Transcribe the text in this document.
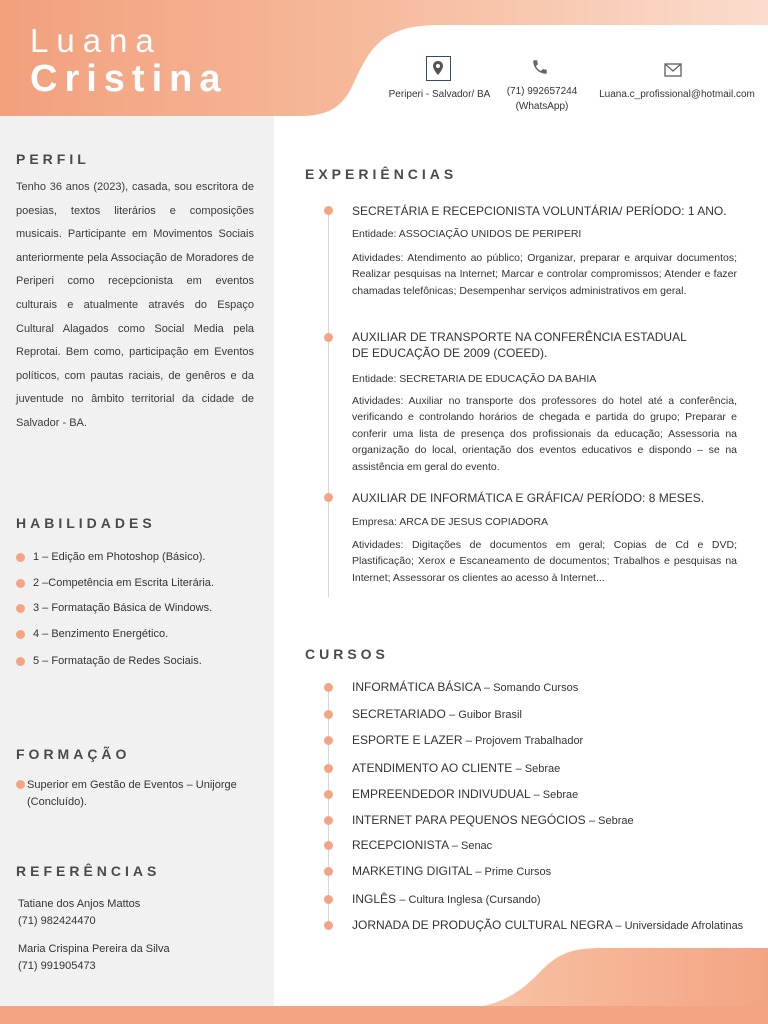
Luana
Cristina	Periperi - Salvador/ BA	(71) 992657244
(WhatsApp)
Luana.c_profissional@hotmail.com
PERFIL
Tenho 36 anos (2023), casada, sou escritora de poesias, textos literários e composições musicais. Participante em Movimentos Sociais anteriormente pela Associação de Moradores de Periperi como recepcionista em eventos culturais e atualmente através do Espaço Cultural Alagados como Social Media pela Reprotai. Bem como, participação em Eventos políticos, com pautas raciais, de genêros e da juventude no âmbito territorial da cidade de Salvador - BA.
HABILIDADES
1 – Edição em Photoshop (Básico).
2 –Competência em Escrita Literária.
3 – Formatação Básica de Windows.
4 – Benzimento Energético.
5 – Formatação de Redes Sociais.
FORMAÇÃO
Superior em Gestão de Eventos – Unijorge
(Concluído).
REFERÊNCIAS
Tatiane dos Anjos Mattos
(71) 982424470
Maria Crispina Pereira da Silva
(71) 991905473
EXPERIÊNCIAS
SECRETÁRIA E RECEPCIONISTA VOLUNTÁRIA/ PERÍODO: 1 ANO.
Entidade: ASSOCIAÇÃO UNIDOS DE PERIPERI
Atividades: Atendimento ao público; Organizar, preparar e arquivar documentos; Realizar pesquisas na Internet; Marcar e controlar compromissos; Atender e fazer chamadas telefônicas; Desempenhar serviços administrativos em geral.
AUXILIAR DE TRANSPORTE NA CONFERÊNCIA ESTADUAL DE EDUCAÇÃO DE 2009 (COEED).
Entidade: SECRETARIA DE EDUCAÇÃO DA BAHIA
Atividades: Auxiliar no transporte dos professores do hotel até a conferência, verificando e controlando horários de chegada e partida do grupo; Preparar e conferir uma lista de presença dos profissionais da educação; Assessoria na organização do local, orientação dos eventos educativos e dispondo – se na assistência em geral do evento.
AUXILIAR DE INFORMÁTICA E GRÁFICA/ PERÍODO: 8 MESES.
Empresa: ARCA DE JESUS COPIADORA
Atividades: Digitações de documentos em geral; Copias de Cd e DVD; Plastificação; Xerox e Escaneamento de documentos; Trabalhos e pesquisas na Internet; Assessorar os clientes ao acesso à Internet...
CURSOS
INFORMÁTICA BÁSICA – Somando Cursos
SECRETARIADO – Guibor Brasil
ESPORTE E LAZER – Projovem Trabalhador
ATENDIMENTO AO CLIENTE – Sebrae
EMPREENDEDOR INDIVUDUAL – Sebrae
INTERNET PARA PEQUENOS NEGÓCIOS – Sebrae
RECEPCIONISTA – Senac
MARKETING DIGITAL – Prime Cursos
INGLÊS – Cultura Inglesa (Cursando)
JORNADA DE PRODUÇÃO CULTURAL NEGRA – Universidade Afrolatinas
